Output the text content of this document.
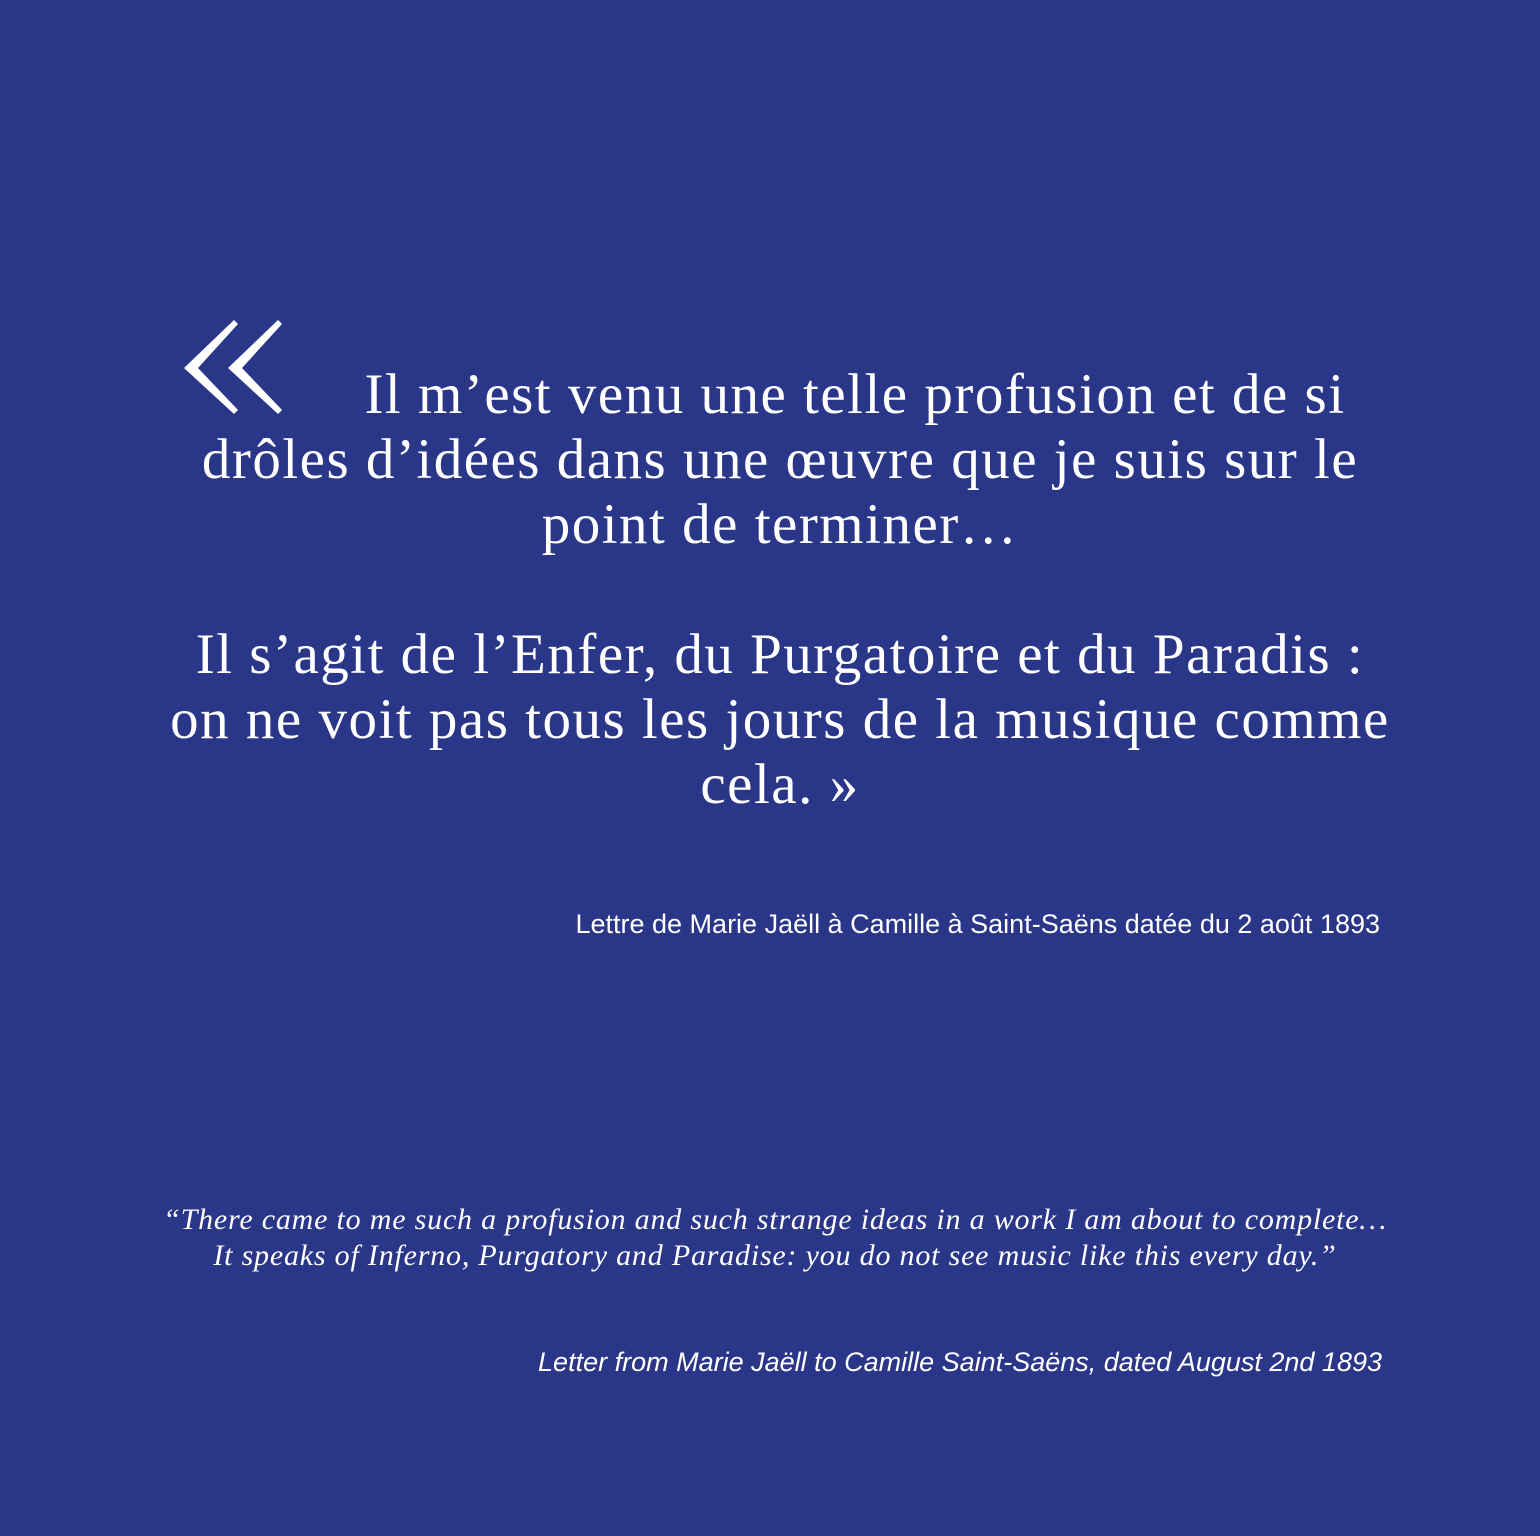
Il m’est venu une telle profusion et de si drôles d’idées dans une œuvre que je suis sur le point de terminer…

Il s’agit de l’Enfer, du Purgatoire et du Paradis : on ne voit pas tous les jours de la musique comme cela. »

Lettre de Marie Jaëll à Camille à Saint-Saëns datée du 2 août 1893

“There came to me such a profusion and such strange ideas in a work I am about to complete… It speaks of Inferno, Purgatory and Paradise: you do not see music like this every day.”

Letter from Marie Jaëll to Camille Saint-Saëns, dated August 2nd 1893
